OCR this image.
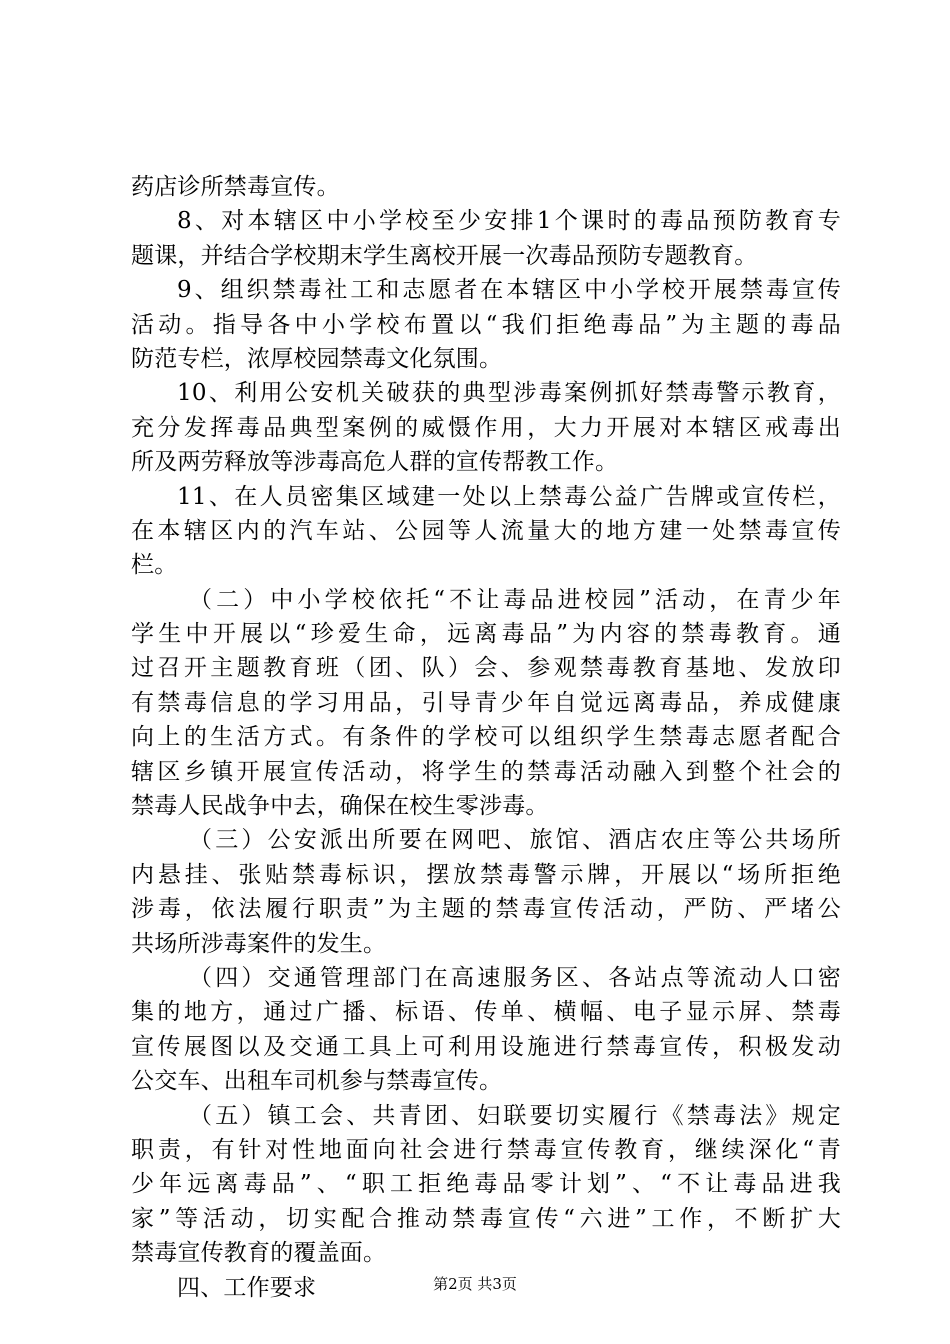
药店诊所禁毒宣传。
8、对本辖区中小学校至少安排1个课时的毒品预防教育专
题课，并结合学校期末学生离校开展一次毒品预防专题教育。
9、组织禁毒社工和志愿者在本辖区中小学校开展禁毒宣传
活动。指导各中小学校布置以“我们拒绝毒品”为主题的毒品
防范专栏，浓厚校园禁毒文化氛围。
10、利用公安机关破获的典型涉毒案例抓好禁毒警示教育，
充分发挥毒品典型案例的威慑作用，大力开展对本辖区戒毒出
所及两劳释放等涉毒高危人群的宣传帮教工作。
11、在人员密集区域建一处以上禁毒公益广告牌或宣传栏，
在本辖区内的汽车站、公园等人流量大的地方建一处禁毒宣传
栏。
（二）中小学校依托“不让毒品进校园”活动，在青少年
学生中开展以“珍爱生命，远离毒品”为内容的禁毒教育。通
过召开主题教育班（团、队）会、参观禁毒教育基地、发放印
有禁毒信息的学习用品，引导青少年自觉远离毒品，养成健康
向上的生活方式。有条件的学校可以组织学生禁毒志愿者配合
辖区乡镇开展宣传活动，将学生的禁毒活动融入到整个社会的
禁毒人民战争中去，确保在校生零涉毒。
（三）公安派出所要在网吧、旅馆、酒店农庄等公共场所
内悬挂、张贴禁毒标识，摆放禁毒警示牌，开展以“场所拒绝
涉毒，依法履行职责”为主题的禁毒宣传活动，严防、严堵公
共场所涉毒案件的发生。
（四）交通管理部门在高速服务区、各站点等流动人口密
集的地方，通过广播、标语、传单、横幅、电子显示屏、禁毒
宣传展图以及交通工具上可利用设施进行禁毒宣传，积极发动
公交车、出租车司机参与禁毒宣传。
（五）镇工会、共青团、妇联要切实履行《禁毒法》规定
职责，有针对性地面向社会进行禁毒宣传教育，继续深化“青
少年远离毒品”、“职工拒绝毒品零计划”、“不让毒品进我
家”等活动，切实配合推动禁毒宣传“六进”工作，不断扩大
禁毒宣传教育的覆盖面。
四、工作要求	第2页 共3页
